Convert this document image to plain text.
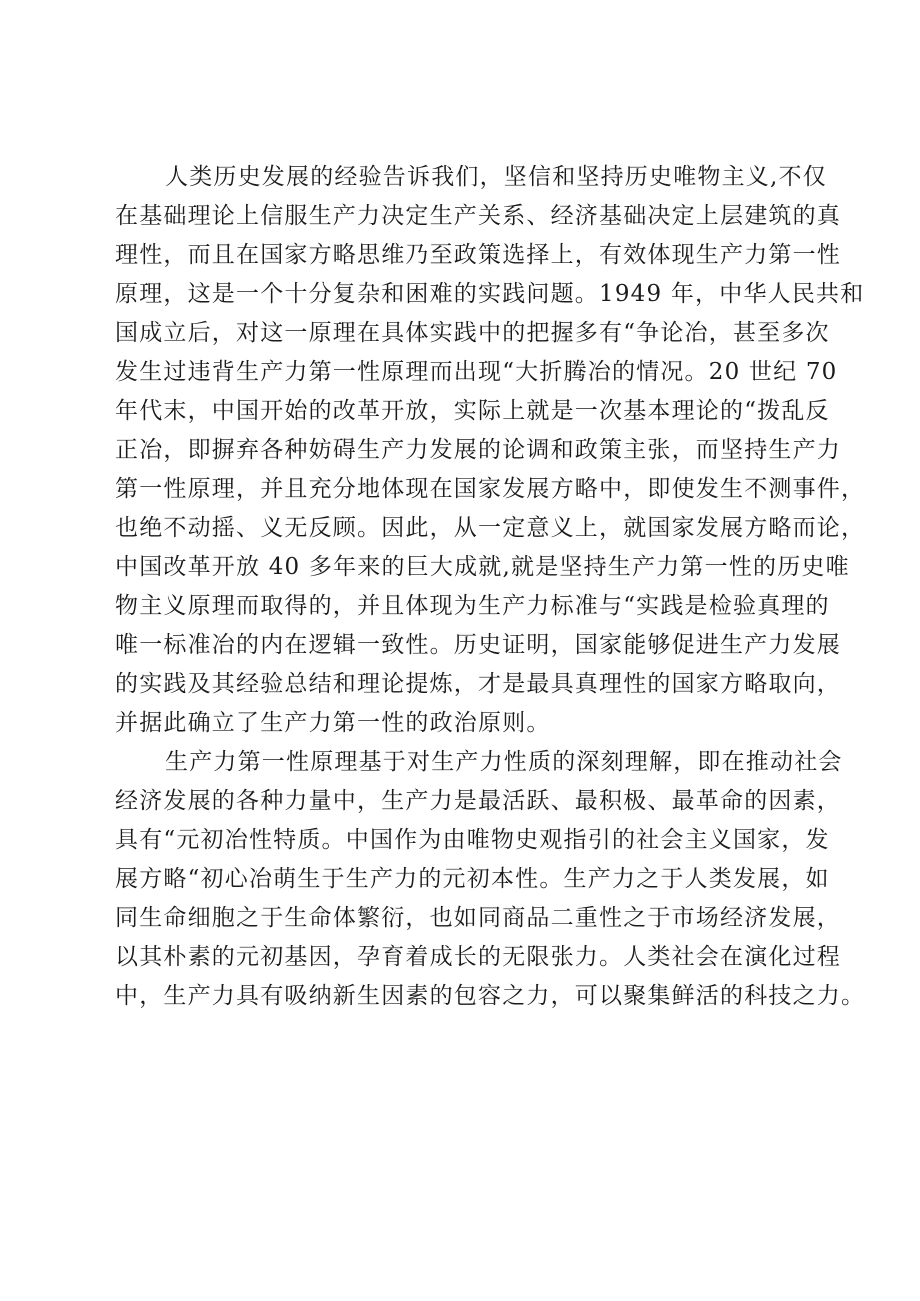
人类历史发展的经验告诉我们，坚信和坚持历史唯物主义,不仅
在基础理论上信服生产力决定生产关系、经济基础决定上层建筑的真
理性，而且在国家方略思维乃至政策选择上，有效体现生产力第一性
原理，这是一个十分复杂和困难的实践问题。1949 年，中华人民共和
国成立后，对这一原理在具体实践中的把握多有“争论冶，甚至多次
发生过违背生产力第一性原理而出现“大折腾冶的情况。20 世纪 70
年代末，中国开始的改革开放，实际上就是一次基本理论的“拨乱反
正冶，即摒弃各种妨碍生产力发展的论调和政策主张，而坚持生产力
第一性原理，并且充分地体现在国家发展方略中，即使发生不测事件，
也绝不动摇、义无反顾。因此，从一定意义上，就国家发展方略而论，
中国改革开放 40 多年来的巨大成就,就是坚持生产力第一性的历史唯
物主义原理而取得的，并且体现为生产力标准与“实践是检验真理的
唯一标准冶的内在逻辑一致性。历史证明，国家能够促进生产力发展
的实践及其经验总结和理论提炼，才是最具真理性的国家方略取向，
并据此确立了生产力第一性的政治原则。
生产力第一性原理基于对生产力性质的深刻理解，即在推动社会
经济发展的各种力量中，生产力是最活跃、最积极、最革命的因素，
具有“元初冶性特质。中国作为由唯物史观指引的社会主义国家，发
展方略“初心冶萌生于生产力的元初本性。生产力之于人类发展，如
同生命细胞之于生命体繁衍，也如同商品二重性之于市场经济发展，
以其朴素的元初基因，孕育着成长的无限张力。人类社会在演化过程
中，生产力具有吸纳新生因素的包容之力，可以聚集鲜活的科技之力。
